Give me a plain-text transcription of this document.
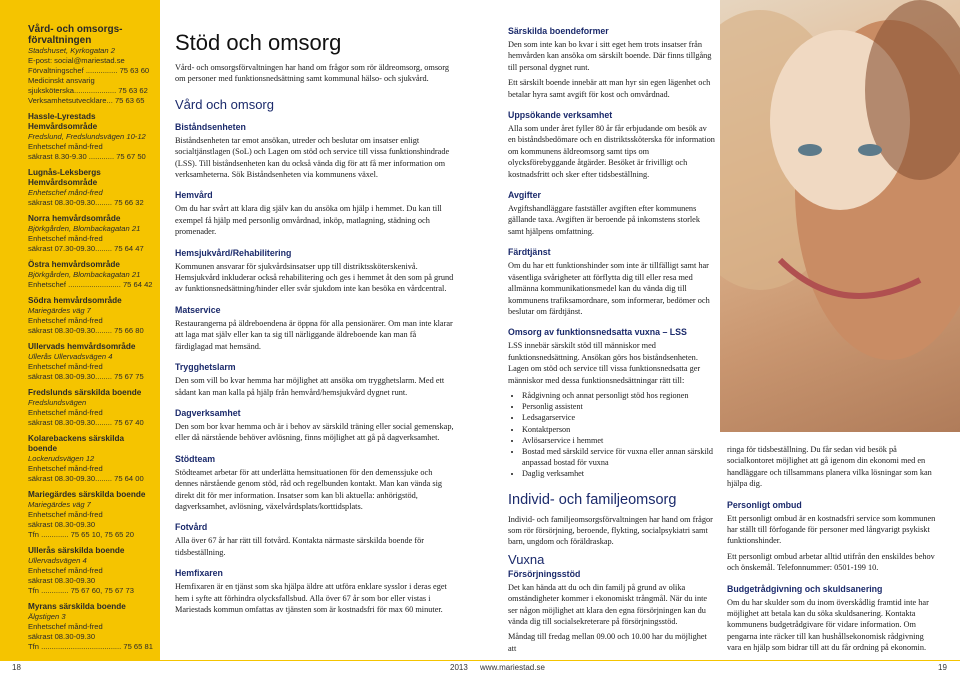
Vård- och omsorgs-förvaltningen
Stadshuset, Kyrkogatan 2
E-post: social@mariestad.se
Förvaltningschef ............... 75 63 60
Medicinskt ansvarig
sjuksköterska.................... 75 63 62
Verksamhetsutvecklare... 75 63 65
Hassle-Lyrestads Hemvårdsområde
Fredslund, Fredslundsvägen 10-12
Enhetschef månd-fred
säkrast 8.30-9.30 ............ 75 67 50
Lugnås-Leksbergs Hemvårdsområde
Enhetschef månd-fred
säkrast 08.30-09.30........ 75 66 32
Norra hemvårdsområde
Björkgården, Blombackagatan 21
Enhetschef månd-fred
säkrast 07.30-09.30........ 75 64 47
Östra hemvårdsområde
Björkgården, Blombackagatan 21
Enhetschef ......................... 75 64 42
Södra hemvårdsområde
Mariegärdes väg 7
Enhetschef månd-fred
säkrast 08.30-09.30........ 75 66 80
Ullervads hemvårdsområde
Ullerås Ullervadsvägen 4
Enhetschef månd-fred
säkrast 08.30-09.30........ 75 67 75
Fredslunds särskilda boende
Fredslundsvägen
Enhetschef månd-fred
säkrast 08.30-09.30........ 75 67 40
Kolarebackens särskilda boende
Lockerudsvägen 12
Enhetschef månd-fred
säkrast 08.30-09.30........ 75 64 00
Mariegärdes särskilda boende
Mariegärdes väg 7
Enhetschef månd-fred
säkrast 08.30-09.30
Tfn ............. 75 65 10, 75 65 20
Ullerås särskilda boende
Ullervadsvägen 4
Enhetschef månd-fred
säkrast 08.30-09.30
Tfn ............. 75 67 60, 75 67 73
Myrans särskilda boende
Älgstigen 3
Enhetschef månd-fred
säkrast 08.30-09.30
Tfn ...................................... 75 65 81
Stöd och omsorg

Vård- och omsorgsförvaltningen har hand om frågor som rör äldreomsorg, omsorg om personer med funktionsnedsättning samt kommunal hälso- och sjukvård.

Vård och omsorg
Biståndsenheten

Biståndsenheten tar emot ansökan, utreder och beslutar om insatser enligt socialtjänstlagen (SoL) och Lagen om stöd och service till vissa funktionshindrade (LSS). Till biståndsenheten kan du också vända dig för att få mer information om verksamheterna. Sök Biståndsenheten via kommunens växel.

Hemvård

Om du har svårt att klara dig själv kan du ansöka om hjälp i hemmet. Du kan till exempel få hjälp med personlig omvårdnad, inköp, matlagning, städning och promenader.

Hemsjukvård/Rehabilitering

Kommunen ansvarar för sjukvårdsinsatser upp till distriktssköterskenivå. Hemsjukvård inkluderar också rehabilitering och ges i hemmet åt den som på grund av funktionsnedsättning/hinder eller svår sjukdom inte kan besöka en vårdcentral.

Matservice

Restaurangerna på äldreboendena är öppna för alla pensionärer. Om man inte klarar att laga mat själv eller kan ta sig till närliggande äldreboende kan man få färdiglagad mat hemsänd.

Trygghetslarm

Den som vill bo kvar hemma har möjlighet att ansöka om trygghetslarm. Med ett sådant kan man kalla på hjälp från hemvård/hemsjukvård dygnet runt.

Dagverksamhet

Den som bor kvar hemma och är i behov av särskild träning eller social gemenskap, eller då närstående behöver avlösning, finns möjlighet att gå på dagverksamhet.

Stödteam

Stödteamet arbetar för att underlätta hemsituationen för den demenssjuke och dennes närstående genom stöd, råd och regelbunden kontakt. Man kan vända sig direkt dit för mer information. Insatser som kan bli aktuella: anhörigstöd, dagverksamhet, avlösning, växelvårdsplats/korttidsplats.

Fotvård

Alla över 67 år har rätt till fotvård. Kontakta närmaste särskilda boende för tidsbeställning.

Hemfixaren

Hemfixaren är en tjänst som ska hjälpa äldre att utföra enklare sysslor i deras eget hem i syfte att förhindra olycksfallsbud. Alla över 67 år som bor eller vistas i Mariestads kommun omfattas av tjänsten som är kostnadsfri för max 60 minuter.

Särskilda boendeformer

Den som inte kan bo kvar i sitt eget hem trots insatser från hemvården kan ansöka om särskilt boende. Där finns tillgång till personal dygnet runt.

Ett särskilt boende innebär att man hyr sin egen lägenhet och betalar hyra samt avgift för kost och omvårdnad.

Uppsökande verksamhet

Alla som under året fyller 80 år får erbjudande om besök av en biståndsbedömare och en distriktssköterska för information om kommunens äldreomsorg samt tips om olycksförebyggande åtgärder. Besöket är frivilligt och kostnadsfritt och sker efter tidsbeställning.

Avgifter

Avgiftshandläggare fastställer avgiften efter kommunens gällande taxa. Avgiften är beroende på inkomstens storlek samt hjälpens omfattning.

Färdtjänst

Om du har ett funktionshinder som inte är tillfälligt samt har väsentliga svårigheter att förflytta dig till eller resa med allmänna kommunikationsmedel kan du vända dig till kommunens trafiksamordnare, som informerar, bedömer och beslutar om färdtjänst.

Omsorg av funktionsnedsatta vuxna – LSS

LSS innebär särskilt stöd till människor med funktionsnedsättning. Ansökan görs hos biståndsenheten. Lagen om stöd och service till vissa funktionsnedsatta ger människor med dessa funktionsnedsättningar rätt till:

• Rådgivning och annat personligt stöd hos regionen
• Personlig assistent
• Ledsagarservice
• Kontaktperson
• Avlösarservice i hemmet
• Bostad med särskild service för vuxna eller annan särskild anpassad bostad för vuxna
• Daglig verksamhet
Individ- och familjeomsorg

Individ- och familjeomsorgsförvaltningen har hand om frågor som rör försörjning, beroende, flykting, socialpsykiatri samt barn, ungdom och föräldraskap.

Vuxna
Försörjningsstöd

Det kan hända att du och din familj på grund av olika omständigheter kommer i ekonomiskt trångmål. När du inte ser någon möjlighet att klara den egna försörjningen kan du vända dig till socialsekreterare på försörjningsstöd.

Måndag till fredag mellan 09.00 och 10.00 har du möjlighet att

ringa för tidsbeställning. Du får sedan vid besök på socialkontoret möjlighet att gå igenom din ekonomi med en handläggare och tillsammans planera vilka lösningar som kan hjälpa dig.

Personligt ombud

Ett personligt ombud är en kostnadsfri service som kommunen har ställt till förfogande för personer med långvarigt psykiskt funktionshinder.

Ett personligt ombud arbetar alltid utifrån den enskildes behov och önskemål. Telefonnummer: 0501-199 10.

Budgetrådgivning och skuldsanering

Om du har skulder som du inom överskådlig framtid inte har möjlighet att betala kan du söka skuldsanering. Kontakta kommunens budgetrådgivare för vidare information. Om pengarna inte räcker till kan hushållsekonomisk rådgivning vara en hjälp som bidrar till att du får ordning på ekonomin.

18	2013 www.mariestad.se	19
